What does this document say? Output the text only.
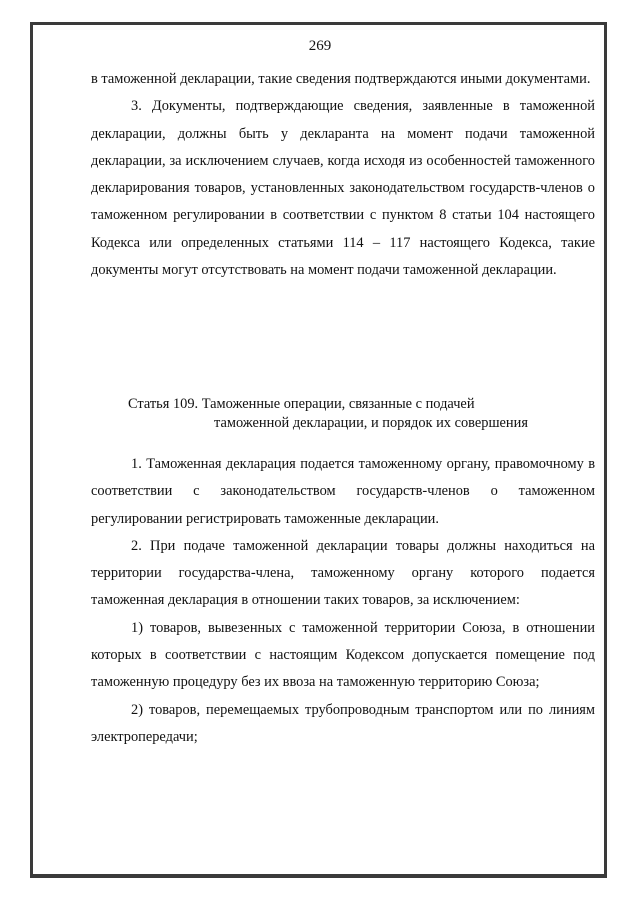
269

в таможенной декларации, такие сведения подтверждаются иными документами.

3. Документы, подтверждающие сведения, заявленные в таможенной декларации, должны быть у декларанта на момент подачи таможенной декларации, за исключением случаев, когда исходя из особенностей таможенного декларирования товаров, установленных законодательством государств-членов о таможенном регулировании в соответствии с пунктом 8 статьи 104 настоящего Кодекса или определенных статьями 114 – 117 настоящего Кодекса, такие документы могут отсутствовать на момент подачи таможенной декларации.

Статья 109. Таможенные операции, связанные с подачей
таможенной декларации, и порядок их совершения

1. Таможенная декларация подается таможенному органу, правомочному в соответствии с законодательством государств-членов о таможенном регулировании регистрировать таможенные декларации.

2. При подаче таможенной декларации товары должны находиться на территории государства-члена, таможенному органу которого подается таможенная декларация в отношении таких товаров, за исключением:

1) товаров, вывезенных с таможенной территории Союза, в отношении которых в соответствии с настоящим Кодексом допускается помещение под таможенную процедуру без их ввоза на таможенную территорию Союза;

2) товаров, перемещаемых трубопроводным транспортом или по линиям электропередачи;
